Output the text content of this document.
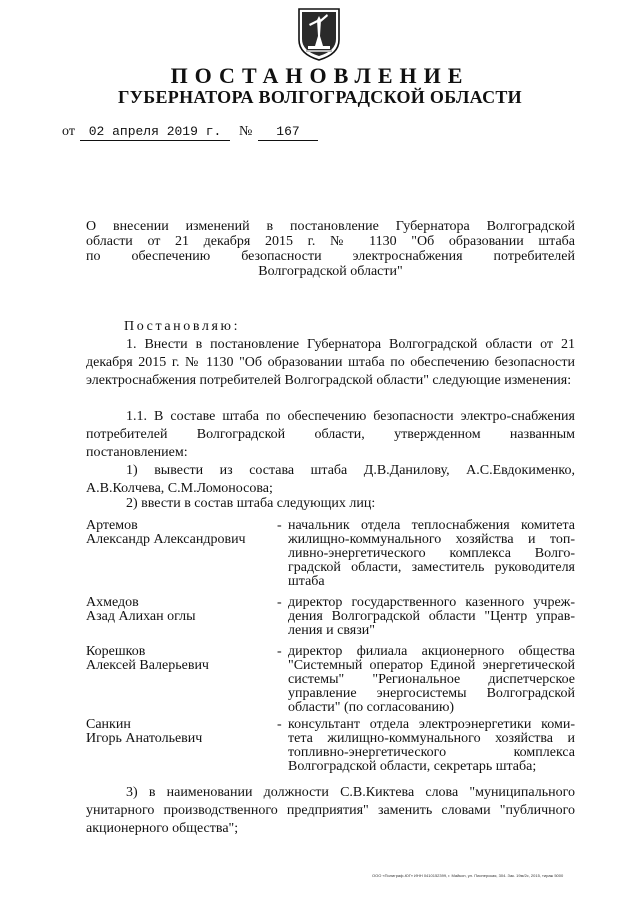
ПОСТАНОВЛЕНИЕ
ГУБЕРНАТОРА ВОЛГОГРАДСКОЙ ОБЛАСТИ
от	02 апреля 2019 г.	№	167
О внесении изменений в постановление Губернатора Волгоградской
области от 21 декабря 2015 г. № 1130 "Об образовании штаба
по обеспечению безопасности электроснабжения потребителей
Волгоградской области"
Постановляю:
1. Внести в постановление Губернатора Волгоградской области от 21 декабря 2015 г. № 1130 "Об образовании штаба по обеспечению безопасности электроснабжения потребителей Волгоградской области" следующие изменения:
1.1. В составе штаба по обеспечению безопасности электро-снабжения потребителей Волгоградской области, утвержденном названным постановлением:
1) вывести из состава штаба Д.В.Данилову, А.С.Евдокименко, А.В.Колчева, С.М.Ломоносова;
2) ввести в состав штаба следующих лиц:
Артемов
Александр Александрович
- начальник отдела теплоснабжения комитета жилищно-коммунального хозяйства и топ-ливно-энергетического комплекса Волго-градской области, заместитель руководителя штаба
Ахмедов
Азад Алихан оглы
- директор государственного казенного учреж-дения Волгоградской области "Центр управ-ления и связи"
Корешков
Алексей Валерьевич
- директор филиала акционерного общества "Системный оператор Единой энергетической системы" "Региональное диспетчерское управление энергосистемы Волгоградской области" (по согласованию)
Санкин
Игорь Анатольевич
- консультант отдела электроэнергетики коми-тета жилищно-коммунального хозяйства и топливно-энергетического комплекса Волгоградской области, секретарь штаба;
3) в наименовании должности С.В.Киктева слова "муниципального унитарного производственного предприятия" заменить словами "публичного акционерного общества";
ООО «Полиграф-ЮГ» ИНН 0410152399, г. Майкоп, ул. Пионерская, 304. Зак. 19м/2с, 2015, тираж 5000
